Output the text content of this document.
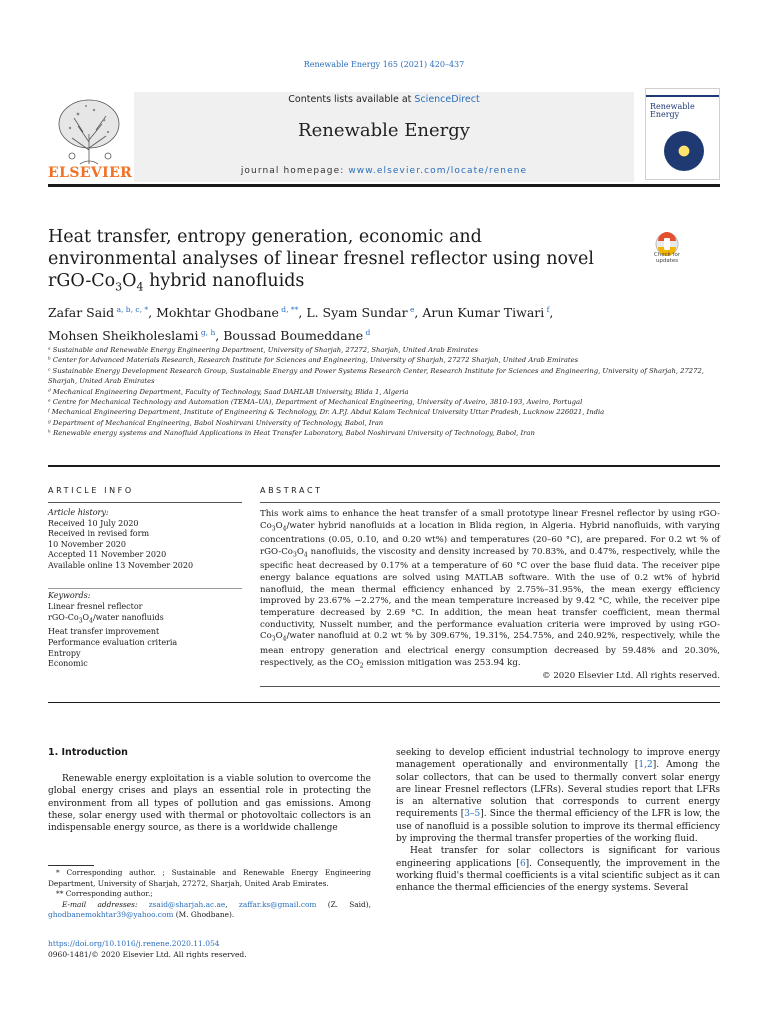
Renewable Energy 165 (2021) 420–437
Contents lists available at ScienceDirect
Renewable Energy
journal homepage: www.elsevier.com/locate/renene
ELSEVIER
Renewable Energy
Heat transfer, entropy generation, economic and environmental analyses of linear fresnel reflector using novel rGO-$Co_3O_4$ hybrid nanofluids
Check for updates
Zafar Said $^{a, b, c, *}$, Mokhtar Ghodbane $^{d, **}$, L. Syam Sundar $^e$, Arun Kumar Tiwari $^f$,
Mohsen Sheikholeslami $^{g, h}$, Boussad Boumeddane $^d$
ᵃ Sustainable and Renewable Energy Engineering Department, University of Sharjah, 27272, Sharjah, United Arab Emirates
ᵇ Center for Advanced Materials Research, Research Institute for Sciences and Engineering, University of Sharjah, 27272 Sharjah, United Arab Emirates
ᶜ Sustainable Energy Development Research Group, Sustainable Energy and Power Systems Research Center, Research Institute for Sciences and Engineering, University of Sharjah, 27272, Sharjah, United Arab Emirates
ᵈ Mechanical Engineering Department, Faculty of Technology, Saad DAHLAB University, Blida 1, Algeria
ᵉ Centre for Mechanical Technology and Automation (TEMA–UA), Department of Mechanical Engineering, University of Aveiro, 3810-193, Aveiro, Portugal
ᶠ Mechanical Engineering Department, Institute of Engineering & Technology, Dr. A.P.J. Abdul Kalam Technical University Uttar Pradesh, Lucknow 226021, India
ᵍ Department of Mechanical Engineering, Babol Noshirvani University of Technology, Babol, Iran
ʰ Renewable energy systems and Nanofluid Applications in Heat Transfer Laboratory, Babol Noshirvani University of Technology, Babol, Iran
ARTICLE INFO
Article history:
Received 10 July 2020
Received in revised form
10 November 2020
Accepted 11 November 2020
Available online 13 November 2020
Keywords:
Linear fresnel reflector
rGO-$Co_3O_4$/water nanofluids
Heat transfer improvement
Performance evaluation criteria
Entropy
Economic
ABSTRACT
This work aims to enhance the heat transfer of a small prototype linear Fresnel reflector by using rGO-$Co_3O_4$/water hybrid nanofluids at a location in Blida region, in Algeria. Hybrid nanofluids, with varying concentrations (0.05, 0.10, and 0.20 wt%) and temperatures (20–60 °C), are prepared. For 0.2 wt % of rGO-$Co_3O_4$ nanofluids, the viscosity and density increased by 70.83%, and 0.47%, respectively, while the specific heat decreased by 0.17% at a temperature of 60 °C over the base fluid data. The receiver pipe energy balance equations are solved using MATLAB software. With the use of 0.2 wt% of hybrid nanofluid, the mean thermal efficiency enhanced by 2.75%–31.95%, the mean exergy efficiency improved by 23.67% −2.27%, and the mean temperature increased by 9.42 °C, while, the receiver pipe temperature decreased by 2.69 °C. In addition, the mean heat transfer coefficient, mean thermal conductivity, Nusselt number, and the performance evaluation criteria were improved by using rGO-$Co_3O_4$/water nanofluid at 0.2 wt % by 309.67%, 19.31%, 254.75%, and 240.92%, respectively, while the mean entropy generation and electrical energy consumption decreased by 59.48% and 20.30%, respectively, as the $CO_2$ emission mitigation was 253.94 kg.
© 2020 Elsevier Ltd. All rights reserved.
1. Introduction

Renewable energy exploitation is a viable solution to overcome the global energy crises and plays an essential role in protecting the environment from all types of pollution and gas emissions. Among these, solar energy used with thermal or photovoltaic collectors is an indispensable energy source, as there is a worldwide challenge

seeking to develop efficient industrial technology to improve energy management operationally and environmentally [1,2]. Among the solar collectors, that can be used to thermally convert solar energy are linear Fresnel reflectors (LFRs). Several studies report that LFRs is an alternative solution that corresponds to current energy requirements [3–5]. Since the thermal efficiency of the LFR is low, the use of nanofluid is a possible solution to improve its thermal efficiency by improving the thermal transfer properties of the working fluid.

Heat transfer for solar collectors is significant for various engineering applications [6]. Consequently, the improvement in the working fluid's thermal coefficients is a vital scientific subject as it can enhance the thermal efficiencies of the energy systems. Several

* Corresponding author. ; Sustainable and Renewable Energy Engineering Department, University of Sharjah, 27272, Sharjah, United Arab Emirates.
** Corresponding author.;
E-mail addresses: zsaid@sharjah.ac.ae, zaffar.ks@gmail.com (Z. Said), ghodbanemokhtar39@yahoo.com (M. Ghodbane).
https://doi.org/10.1016/j.renene.2020.11.054
0960-1481/© 2020 Elsevier Ltd. All rights reserved.
